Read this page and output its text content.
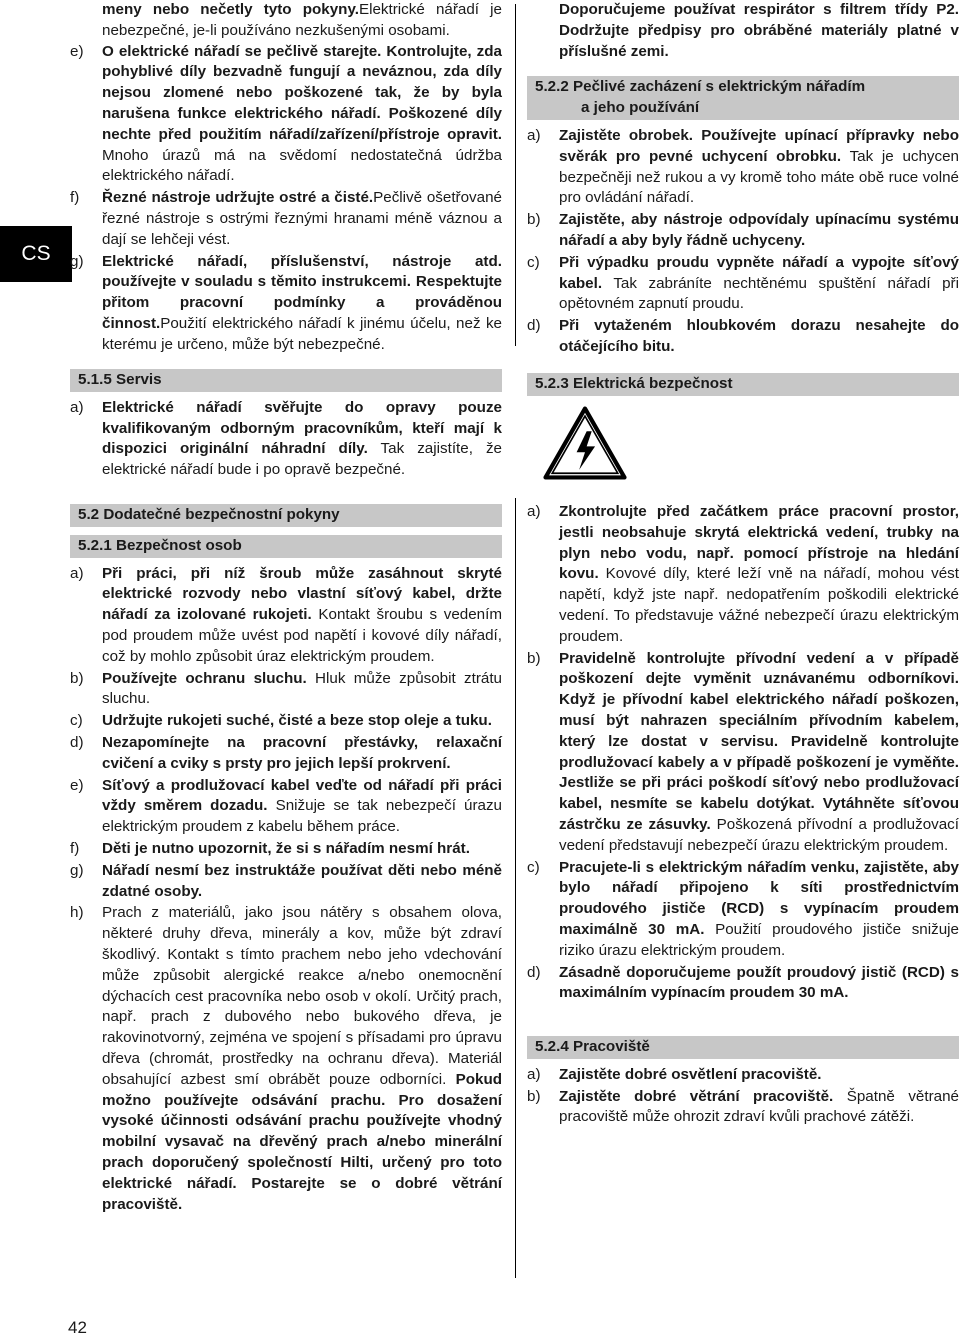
CS
meny nebo nečetly tyto pokyny.Elektrické nářadí je nebezpečné, je-li používáno nezkušenými osobami.
e) O elektrické nářadí se pečlivě starejte. Kontrolujte, zda pohyblivé díly bezvadně fungují a neváznou, zda díly nejsou zlomené nebo poškozené tak, že by byla narušena funkce elektrického nářadí. Poškozené díly nechte před použitím nářadí/zařízení/přístroje opravit. Mnoho úrazů má na svědomí nedostatečná údržba elektrického nářadí.
f) Řezné nástroje udržujte ostré a čisté.Pečlivě ošetřované řezné nástroje s ostrými řeznými hranami méně váznou a dají se lehčeji vést.
g) Elektrické nářadí, příslušenství, nástroje atd. používejte v souladu s těmito instrukcemi. Respektujte přitom pracovní podmínky a prováděnou činnost.Použití elektrického nářadí k jinému účelu, než ke kterému je určeno, může být nebezpečné.
5.1.5 Servis
a) Elektrické nářadí svěřujte do opravy pouze kvalifikovaným odborným pracovníkům, kteří mají k dispozici originální náhradní díly. Tak zajistíte, že elektrické nářadí bude i po opravě bezpečné.
Doporučujeme používat respirátor s filtrem třídy P2. Dodržujte předpisy pro obráběné materiály platné v příslušné zemi.
5.2.2 Pečlivé zacházení s elektrickým nářadím
a jeho používání
a) Zajistěte obrobek. Používejte upínací přípravky nebo svěrák pro pevné uchycení obrobku. Tak je uchycen bezpečněji než rukou a vy kromě toho máte obě ruce volné pro ovládání nářadí.
b) Zajistěte, aby nástroje odpovídaly upínacímu systému nářadí a aby byly řádně uchyceny.
c) Při výpadku proudu vypněte nářadí a vypojte síťový kabel. Tak zabráníte nechtěnému spuštění nářadí při opětovném zapnutí proudu.
d) Při vytaženém hloubkovém dorazu nesahejte do otáčejícího bitu.
5.2.3 Elektrická bezpečnost
5.2 Dodatečné bezpečnostní pokyny
5.2.1 Bezpečnost osob
a) Při práci, při níž šroub může zasáhnout skryté elektrické rozvody nebo vlastní síťový kabel, držte nářadí za izolované rukojeti. Kontakt šroubu s vedením pod proudem může uvést pod napětí i kovové díly nářadí, což by mohlo způsobit úraz elektrickým proudem.
b) Používejte ochranu sluchu. Hluk může způsobit ztrátu sluchu.
c) Udržujte rukojeti suché, čisté a beze stop oleje a tuku.
d) Nezapomínejte na pracovní přestávky, relaxační cvičení a cviky s prsty pro jejich lepší prokrvení.
e) Síťový a prodlužovací kabel veďte od nářadí při práci vždy směrem dozadu. Snižuje se tak nebezpečí úrazu elektrickým proudem z kabelu během práce.
f) Děti je nutno upozornit, že si s nářadím nesmí hrát.
g) Nářadí nesmí bez instruktáže používat děti nebo méně zdatné osoby.
h) Prach z materiálů, jako jsou nátěry s obsahem olova, některé druhy dřeva, minerály a kov, může být zdraví škodlivý. Kontakt s tímto prachem nebo jeho vdechování může způsobit alergické reakce a/nebo onemocnění dýchacích cest pracovníka nebo osob v okolí. Určitý prach, např. prach z dubového nebo bukového dřeva, je rakovinotvorný, zejména ve spojení s přísadami pro úpravu dřeva (chromát, prostředky na ochranu dřeva). Materiál obsahující azbest smí obrábět pouze odborníci. Pokud možno používejte odsávání prachu. Pro dosažení vysoké účinnosti odsávání prachu používejte vhodný mobilní vysavač na dřevěný prach a/nebo minerální prach doporučený společností Hilti, určený pro toto elektrické nářadí. Postarejte se o dobré větrání pracoviště.
a) Zkontrolujte před začátkem práce pracovní prostor, jestli neobsahuje skrytá elektrická vedení, trubky na plyn nebo vodu, např. pomocí přístroje na hledání kovu. Kovové díly, které leží vně na nářadí, mohou vést napětí, když jste např. nedopatřením poškodili elektrické vedení. To představuje vážné nebezpečí úrazu elektrickým proudem.
b) Pravidelně kontrolujte přívodní vedení a v případě poškození dejte vyměnit uznávanému odborníkovi. Když je přívodní kabel elektrického nářadí poškozen, musí být nahrazen speciálním přívodním kabelem, který lze dostat v servisu. Pravidelně kontrolujte prodlužovací kabely a v případě poškození je vyměňte. Jestliže se při práci poškodí síťový nebo prodlužovací kabel, nesmíte se kabelu dotýkat. Vytáhněte síťovou zástrčku ze zásuvky. Poškozená přívodní a prodlužovací vedení představují nebezpečí úrazu elektrickým proudem.
c) Pracujete-li s elektrickým nářadím venku, zajistěte, aby bylo nářadí připojeno k síti prostřednictvím proudového jističe (RCD) s vypínacím proudem maximálně 30 mA. Použití proudového jističe snižuje riziko úrazu elektrickým proudem.
d) Zásadně doporučujeme použít proudový jistič (RCD) s maximálním vypínacím proudem 30 mA.
5.2.4 Pracoviště
a) Zajistěte dobré osvětlení pracoviště.
b) Zajistěte dobré větrání pracoviště. Špatně větrané pracoviště může ohrozit zdraví kvůli prachové zátěži.
42
